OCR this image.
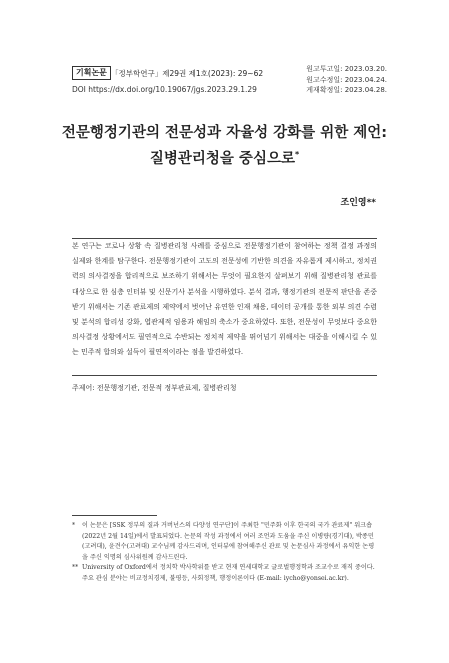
기획논문 「정부학연구」제29권 제1호(2023): 29~62
DOI https://dx.doi.org/10.19067/jgs.2023.29.1.29
원고투고일: 2023.03.20.
원고수정일: 2023.04.24.
게재확정일: 2023.04.28.
전문행정기관의 전문성과 자율성 강화를 위한 제언:
질병관리청을 중심으로*
조인영**
본 연구는 코로나 상황 속 질병관리청 사례를 중심으로 전문행정기관이 참여하는 정책 결정 과정의 실제와 한계를 탐구한다. 전문행정기관이 고도의 전문성에 기반한 의견을 자유롭게 제시하고, 정치권력의 의사결정을 합리적으로 보조하기 위해서는 무엇이 필요한지 살펴보기 위해 질병관리청 관료를 대상으로 한 심층 인터뷰 및 신문기사 분석을 시행하였다. 분석 결과, 행정기관의 전문적 판단을 존중받기 위해서는 기존 관료제의 제약에서 벗어난 유연한 인재 채용, 데이터 공개를 통한 외부 의견 수렴 및 분석의 합리성 강화, 엽관제적 임용과 해임의 축소가 중요하였다. 또한, 전문성이 무엇보다 중요한 의사결정 상황에서도 필연적으로 수반되는 정치적 제약을 뛰어넘기 위해서는 대중을 이해시킬 수 있는 민주적 합의와 설득이 필연적이라는 점을 발견하였다.
주제어: 전문행정기관, 전문적 정부관료제, 질병관리청
* 이 논문은 [SSK 정부의 질과 거버넌스의 다양성 연구단]이 주최한 "민주화 이후 한국의 국가 관료제" 워크숍(2022년 2월 14일)에서 발표되었다. 논문의 작성 과정에서 여러 조언과 도움을 주신 이병량(경기대), 박종민(고려대), 윤견수(고려대) 교수님께 감사드리며, 인터뷰에 참여해주신 관료 및 논문심사 과정에서 유익한 논평을 주신 익명의 심사위원께 감사드린다.
** University of Oxford에서 정치학 박사학위를 받고 현재 연세대학교 글로벌행정학과 조교수로 재직 중이다. 주요 관심 분야는 비교정치경제, 불평등, 사회정책, 행정이론이다 (E-mail: iycho@yonsei.ac.kr).
